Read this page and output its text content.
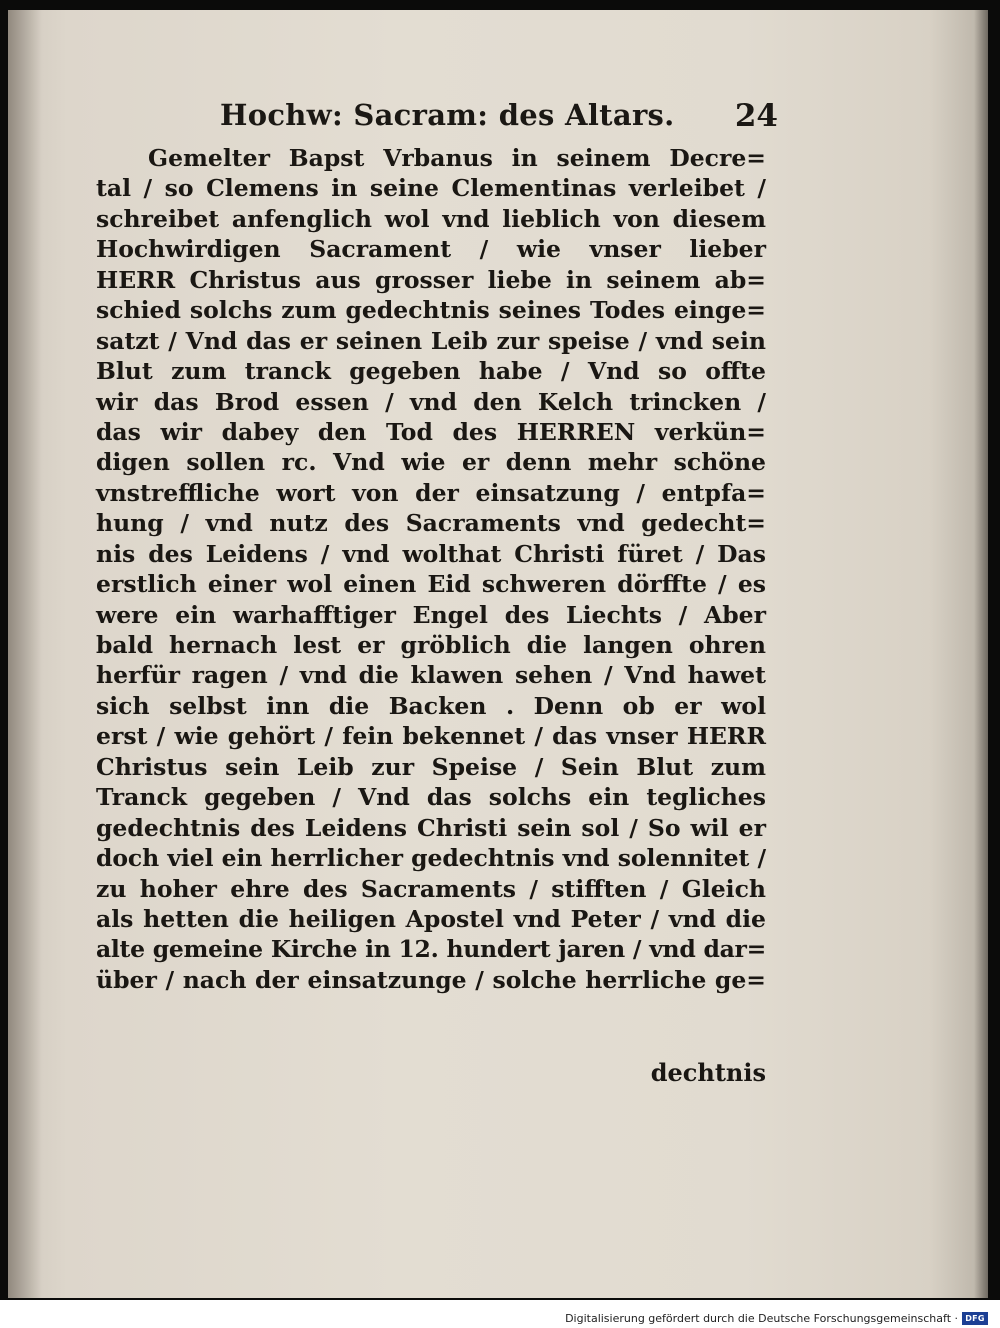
Hochw: Sacram: des Altars.	24
Gemelter Bapst Vrbanus in seinem Decre=
tal / so Clemens in seine Clementinas verleibet /
schreibet anfenglich wol vnd lieblich von diesem
Hochwirdigen Sacrament / wie vnser lieber
HERR Christus aus grosser liebe in seinem ab=
schied solchs zum gedechtnis seines Todes einge=
satzt / Vnd das er seinen Leib zur speise / vnd sein
Blut zum tranck gegeben habe / Vnd so offte
wir das Brod essen / vnd den Kelch trincken /
das wir dabey den Tod des HERREN verkün=
digen sollen rc. Vnd wie er denn mehr schöne
vnstreffliche wort von der einsatzung / entpfa=
hung / vnd nutz des Sacraments vnd gedecht=
nis des Leidens / vnd wolthat Christi füret / Das
erstlich einer wol einen Eid schweren dörffte / es
were ein warhafftiger Engel des Liechts / Aber
bald hernach lest er gröblich die langen ohren
herfür ragen / vnd die klawen sehen / Vnd hawet
sich selbst inn die Backen . Denn ob er wol
erst / wie gehört / fein bekennet / das vnser HERR
Christus sein Leib zur Speise / Sein Blut zum
Tranck gegeben / Vnd das solchs ein tegliches
gedechtnis des Leidens Christi sein sol / So wil er
doch viel ein herrlicher gedechtnis vnd solennitet /
zu hoher ehre des Sacraments / stifften / Gleich
als hetten die heiligen Apostel vnd Peter / vnd die
alte gemeine Kirche in 12. hundert jaren / vnd dar=
über / nach der einsatzunge / solche herrliche ge=
dechtnis
Digitalisierung gefördert durch die Deutsche Forschungsgemeinschaft · DFG
